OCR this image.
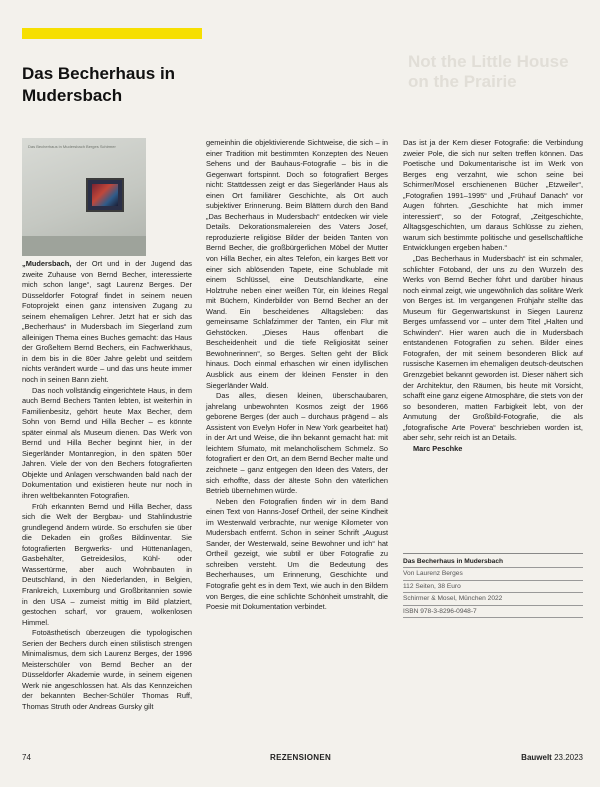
Not the Little House on the Prairie
Das Becherhaus in Mudersbach
Das Becherhaus in Mudersbach Berges Schirmer

„Mudersbach, der Ort und in der Jugend das zweite Zuhause von Bernd Becher, interessierte mich schon lange“, sagt Laurenz Berges. Der Düsseldorfer Fotograf findet in seinem neuen Fotoprojekt einen ganz intensiven Zugang zu seinem ehemaligen Lehrer. Jetzt hat er sich das „Becherhaus“ in Mudersbach im Siegerland zum alleinigen Thema eines Buches gemacht: das Haus der Großeltern Bernd Bechers, ein Fachwerkhaus, in dem bis in die 80er Jahre gelebt und seitdem nichts verändert wurde – und das uns heute immer noch in seinen Bann zieht.

Das noch vollständig eingerichtete Haus, in dem auch Bernd Bechers Tanten lebten, ist weiterhin in Familienbesitz, gehört heute Max Becher, dem Sohn von Bernd und Hilla Becher – es könnte später einmal als Museum dienen. Das Werk von Bernd und Hilla Becher beginnt hier, in der Siegerländer Montanregion, in den späten 50er Jahren. Viele der von den Bechers fotografierten Objekte und Anlagen verschwanden bald nach der Dokumentation und existieren heute nur noch in ihren weltbekannten Fotografien.

Früh erkannten Bernd und Hilla Becher, dass sich die Welt der Bergbau- und Stahlindustrie grundlegend ändern würde. So erschufen sie über die Dekaden ein großes Bildinventar. Sie fotografierten Bergwerks- und Hüttenanlagen, Gasbehälter, Getreidesilos, Kühl- oder Wassertürme, aber auch Wohnbauten in Deutschland, in den Niederlanden, in Belgien, Frankreich, Luxemburg und Großbritannien sowie in den USA – zumeist mittig im Bild platziert, gestochen scharf, vor grauem, wolkenlosen Himmel.

Fotoästhetisch überzeugen die typologischen Serien der Bechers durch einen stilistisch strengen Minimalismus, dem sich Laurenz Berges, der 1996 Meisterschüler von Bernd Becher an der Düsseldorfer Akademie wurde, in seinem eigenen Werk nie angeschlossen hat. Als das Kennzeichen der bekannten Becher-Schüler Thomas Ruff, Thomas Struth oder Andreas Gursky gilt

gemeinhin die objektivierende Sichtweise, die sich – in einer Tradition mit bestimmten Konzepten des Neuen Sehens und der Bauhaus-Fotografie – bis in die Gegenwart fortspinnt. Doch so fotografiert Berges nicht: Stattdessen zeigt er das Siegerländer Haus als einen Ort familiärer Geschichte, als Ort auch subjektiver Erinnerung. Beim Blättern durch den Band „Das Becherhaus in Mudersbach“ entdecken wir viele Details. Dekorationsmalereien des Vaters Josef, reproduzierte religiöse Bilder der beiden Tanten von Bernd Becher, die großbürgerlichen Möbel der Mutter von Hilla Becher, ein altes Telefon, ein karges Bett vor einer sich ablösenden Tapete, eine Schublade mit einem Schlüssel, eine Deutschlandkarte, eine Holztruhe neben einer weißen Tür, ein kleines Regal mit Büchern, Kinderbilder von Bernd Becher an der Wand. Ein bescheidenes Alltagsleben: das gemeinsame Schlafzimmer der Tanten, ein Flur mit Gehstöcken. „Dieses Haus offenbart die Bescheidenheit und die tiefe Religiosität seiner Bewohnerinnen“, so Berges. Selten geht der Blick hinaus. Doch einmal erhaschen wir einen idyllischen Ausblick aus einem der kleinen Fenster in den Siegerländer Wald.

Das alles, diesen kleinen, überschaubaren, jahrelang unbewohnten Kosmos zeigt der 1966 geborene Berges (der auch – durchaus prägend – als Assistent von Evelyn Hofer in New York gearbeitet hat) in der Art und Weise, die ihn bekannt gemacht hat: mit leichtem Sfumato, mit melancholischem Schmelz. So fotografiert er den Ort, an dem Bernd Becher malte und zeichnete – ganz entgegen den Ideen des Vaters, der sich erhoffte, dass der älteste Sohn den väterlichen Betrieb übernehmen würde.

Neben den Fotografien finden wir in dem Band einen Text von Hanns-Josef Ortheil, der seine Kindheit im Westerwald verbrachte, nur wenige Kilometer von Mudersbach entfernt. Schon in seiner Schrift „August Sander, der Westerwald, seine Bewohner und ich“ hat Ortheil gezeigt, wie subtil er über Fotografie zu schreiben versteht. Um die Bedeutung des Becherhauses, um Erinnerung, Geschichte und Fotografie geht es in dem Text, wie auch in den Bildern von Berges, die eine schlichte Schönheit umstrahlt, die Poesie mit Dokumentation verbindet.

Das ist ja der Kern dieser Fotografie: die Verbindung zweier Pole, die sich nur selten treffen können. Das Poetische und Dokumentarische ist im Werk von Berges eng verzahnt, wie schon seine bei Schirmer/Mosel erschienenen Bücher „Etzweiler“, „Fotografien 1991–1995“ und „Frühauf Danach“ vor Augen führten. „Geschichte hat mich immer interessiert“, so der Fotograf, „Zeitgeschichte, Alltagsgeschichten, um daraus Schlüsse zu ziehen, warum sich bestimmte politische und gesellschaftliche Entwicklungen ergeben haben.“

„Das Becherhaus in Mudersbach“ ist ein schmaler, schlichter Fotoband, der uns zu den Wurzeln des Werks von Bernd Becher führt und darüber hinaus noch einmal zeigt, wie ungewöhnlich das solitäre Werk von Berges ist. Im vergangenen Frühjahr stellte das Museum für Gegenwartskunst in Siegen Laurenz Berges umfassend vor – unter dem Titel „Halten und Schwinden“. Hier waren auch die in Mudersbach entstandenen Fotografien zu sehen. Bilder eines Fotografen, der mit seinem besonderen Blick auf russische Kasernen im ehemaligen deutsch-deutschen Grenzgebiet bekannt geworden ist. Dieser nähert sich der Architektur, den Räumen, bis heute mit Vorsicht, schafft eine ganz eigene Atmosphäre, die stets von der so besonderen, matten Farbigkeit lebt, von der Anmutung der Großbild-Fotografie, die als „fotografische Arte Povera“ beschrieben worden ist, aber sehr, sehr reich ist an Details.

Marc Peschke

Das Becherhaus in Mudersbach
Von Laurenz Berges
112 Seiten, 38 Euro
Schirmer & Mosel, München 2022
ISBN 978-3-8296-0948-7
74	REZENSIONEN	Bauwelt 23.2023
